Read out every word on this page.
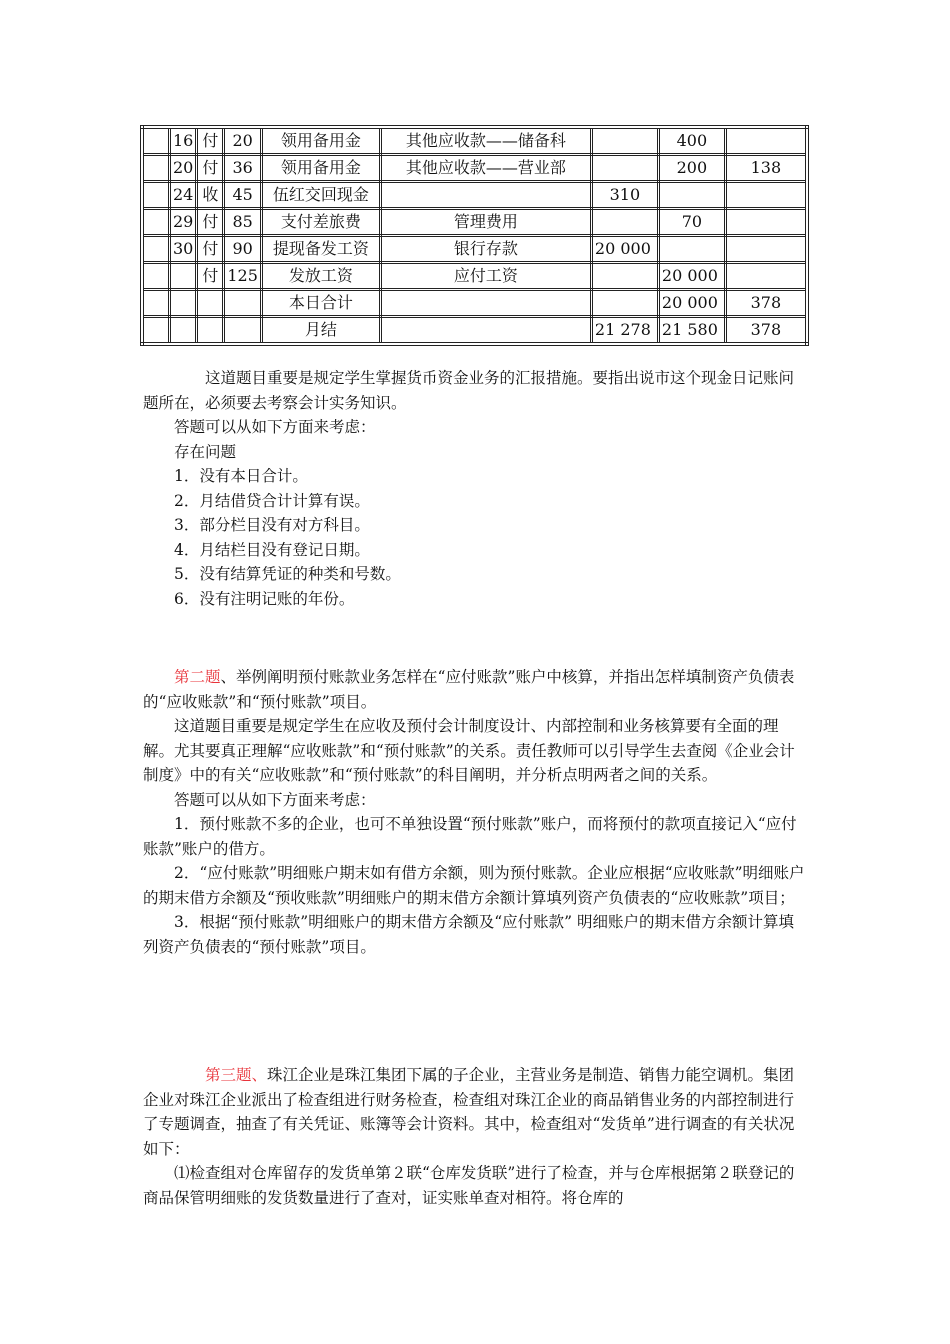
	16	付	20	领用备用金	其他应收款——储备科		400	
	20	付	36	领用备用金	其他应收款——营业部		200	138
	24	收	45	伍红交回现金		310		
	29	付	85	支付差旅费	管理费用		70	
	30	付	90	提现备发工资	银行存款	20 000		
		付	125	发放工资	应付工资		20 000	
				本日合计			20 000	378
				月结		21 278	21 580	378

这道题目重要是规定学生掌握货币资金业务的汇报措施。要指出说市这个现金日记账问题所在，必须要去考察会计实务知识。

答题可以从如下方面来考虑：

存在问题

1．没有本日合计。

2．月结借贷合计计算有误。

3．部分栏目没有对方科目。

4．月结栏目没有登记日期。

5．没有结算凭证的种类和号数。

6．没有注明记账的年份。

第二题、举例阐明预付账款业务怎样在“应付账款”账户中核算，并指出怎样填制资产负债表的“应收账款”和“预付账款”项目。

这道题目重要是规定学生在应收及预付会计制度设计、内部控制和业务核算要有全面的理解。尤其要真正理解“应收账款”和“预付账款”的关系。责任教师可以引导学生去查阅《企业会计制度》中的有关“应收账款”和“预付账款”的科目阐明，并分析点明两者之间的关系。

答题可以从如下方面来考虑：

1．预付账款不多的企业，也可不单独设置“预付账款”账户，而将预付的款项直接记入“应付账款”账户的借方。

2．“应付账款”明细账户期末如有借方余额，则为预付账款。企业应根据“应收账款”明细账户的期末借方余额及“预收账款”明细账户的期末借方余额计算填列资产负债表的“应收账款”项目；

3．根据“预付账款”明细账户的期末借方余额及“应付账款” 明细账户的期末借方余额计算填列资产负债表的“预付账款”项目。

第三题、珠江企业是珠江集团下属的子企业，主营业务是制造、销售力能空调机。集团企业对珠江企业派出了检查组进行财务检查，检查组对珠江企业的商品销售业务的内部控制进行了专题调查，抽查了有关凭证、账簿等会计资料。其中，检查组对“发货单”进行调查的有关状况如下：

⑴检查组对仓库留存的发货单第２联“仓库发货联”进行了检查，并与仓库根据第２联登记的商品保管明细账的发货数量进行了查对，证实账单查对相符。将仓库的
